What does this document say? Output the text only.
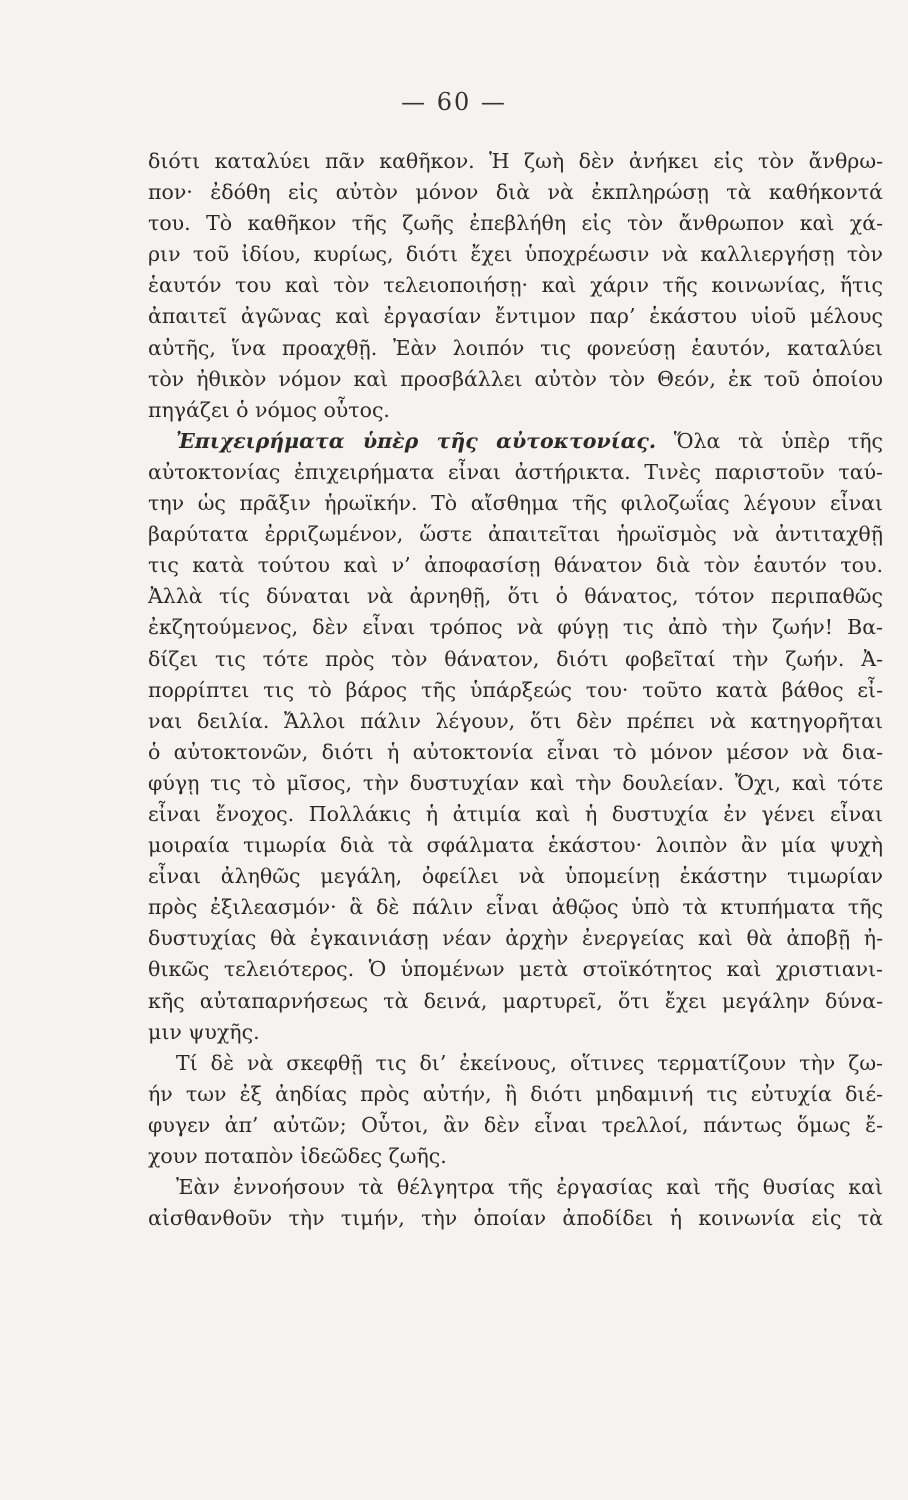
— 60 —
διότι καταλύει πᾶν καθῆκον. Ἡ ζωὴ δὲν ἀνήκει εἰς τὸν ἄνθρω-
πον· ἐδόθη εἰς αὐτὸν μόνον διὰ νὰ ἐκπληρώσῃ τὰ καθήκοντά
του. Τὸ καθῆκον τῆς ζωῆς ἐπεβλήθη εἰς τὸν ἄνθρωπον καὶ χά-
ριν τοῦ ἰδίου, κυρίως, διότι ἔχει ὑποχρέωσιν νὰ καλλιεργήσῃ τὸν
ἑαυτόν του καὶ τὸν τελειοποιήσῃ· καὶ χάριν τῆς κοινωνίας, ἥτις
ἀπαιτεῖ ἀγῶνας καὶ ἐργασίαν ἔντιμον παρ’ ἑκάστου υἱοῦ μέλους
αὐτῆς, ἵνα προαχθῇ. Ἐὰν λοιπόν τις φονεύσῃ ἑαυτόν, καταλύει
τὸν ἠθικὸν νόμον καὶ προσβάλλει αὐτὸν τὸν Θεόν, ἐκ τοῦ ὁποίου
πηγάζει ὁ νόμος οὗτος.
Ἐπιχειρήματα ὑπὲρ τῆς αὐτοκτονίας. Ὅλα τὰ ὑπὲρ τῆς
αὐτοκτονίας ἐπιχειρήματα εἶναι ἀστήρικτα. Τινὲς παριστοῦν ταύ-
την ὡς πρᾶξιν ἡρωϊκήν. Τὸ αἴσθημα τῆς φιλοζωΐας λέγουν εἶναι
βαρύτατα ἐρριζωμένον, ὥστε ἀπαιτεῖται ἡρωϊσμὸς νὰ ἀντιταχθῇ
τις κατὰ τούτου καὶ ν’ ἀποφασίσῃ θάνατον διὰ τὸν ἑαυτόν του.
Ἀλλὰ τίς δύναται νὰ ἀρνηθῇ, ὅτι ὁ θάνατος, τότον περιπαθῶς
ἐκζητούμενος, δὲν εἶναι τρόπος νὰ φύγῃ τις ἀπὸ τὴν ζωήν! Βα-
δίζει τις τότε πρὸς τὸν θάνατον, διότι φοβεῖταί τὴν ζωήν. Ἀ-
πορρίπτει τις τὸ βάρος τῆς ὑπάρξεώς του· τοῦτο κατὰ βάθος εἶ-
ναι δειλία. Ἄλλοι πάλιν λέγουν, ὅτι δὲν πρέπει νὰ κατηγορῆται
ὁ αὐτοκτονῶν, διότι ἡ αὐτοκτονία εἶναι τὸ μόνον μέσον νὰ δια-
φύγῃ τις τὸ μῖσος, τὴν δυστυχίαν καὶ τὴν δουλείαν. Ὄχι, καὶ τότε
εἶναι ἔνοχος. Πολλάκις ἡ ἀτιμία καὶ ἡ δυστυχία ἐν γένει εἶναι
μοιραία τιμωρία διὰ τὰ σφάλματα ἑκάστου· λοιπὸν ἂν μία ψυχὴ
εἶναι ἀληθῶς μεγάλη, ὀφείλει νὰ ὑπομείνῃ ἑκάστην τιμωρίαν
πρὸς ἐξιλεασμόν· ἃ δὲ πάλιν εἶναι ἀθῷος ὑπὸ τὰ κτυπήματα τῆς
δυστυχίας θὰ ἐγκαινιάσῃ νέαν ἀρχὴν ἐνεργείας καὶ θὰ ἀποβῇ ἠ-
θικῶς τελειότερος. Ὁ ὑπομένων μετὰ στοϊκότητος καὶ χριστιανι-
κῆς αὐταπαρνήσεως τὰ δεινά, μαρτυρεῖ, ὅτι ἔχει μεγάλην δύνα-
μιν ψυχῆς.
Τί δὲ νὰ σκεφθῇ τις δι’ ἐκείνους, οἵτινες τερματίζουν τὴν ζω-
ήν των ἐξ ἀηδίας πρὸς αὐτήν, ἢ διότι μηδαμινή τις εὐτυχία διέ-
φυγεν ἀπ’ αὐτῶν; Οὗτοι, ἂν δὲν εἶναι τρελλοί, πάντως ὅμως ἔ-
χουν ποταπὸν ἰδεῶδες ζωῆς.
Ἐὰν ἐννοήσουν τὰ θέλγητρα τῆς ἐργασίας καὶ τῆς θυσίας καὶ
αἰσθανθοῦν τὴν τιμήν, τὴν ὁποίαν ἀποδίδει ἡ κοινωνία εἰς τὰ
